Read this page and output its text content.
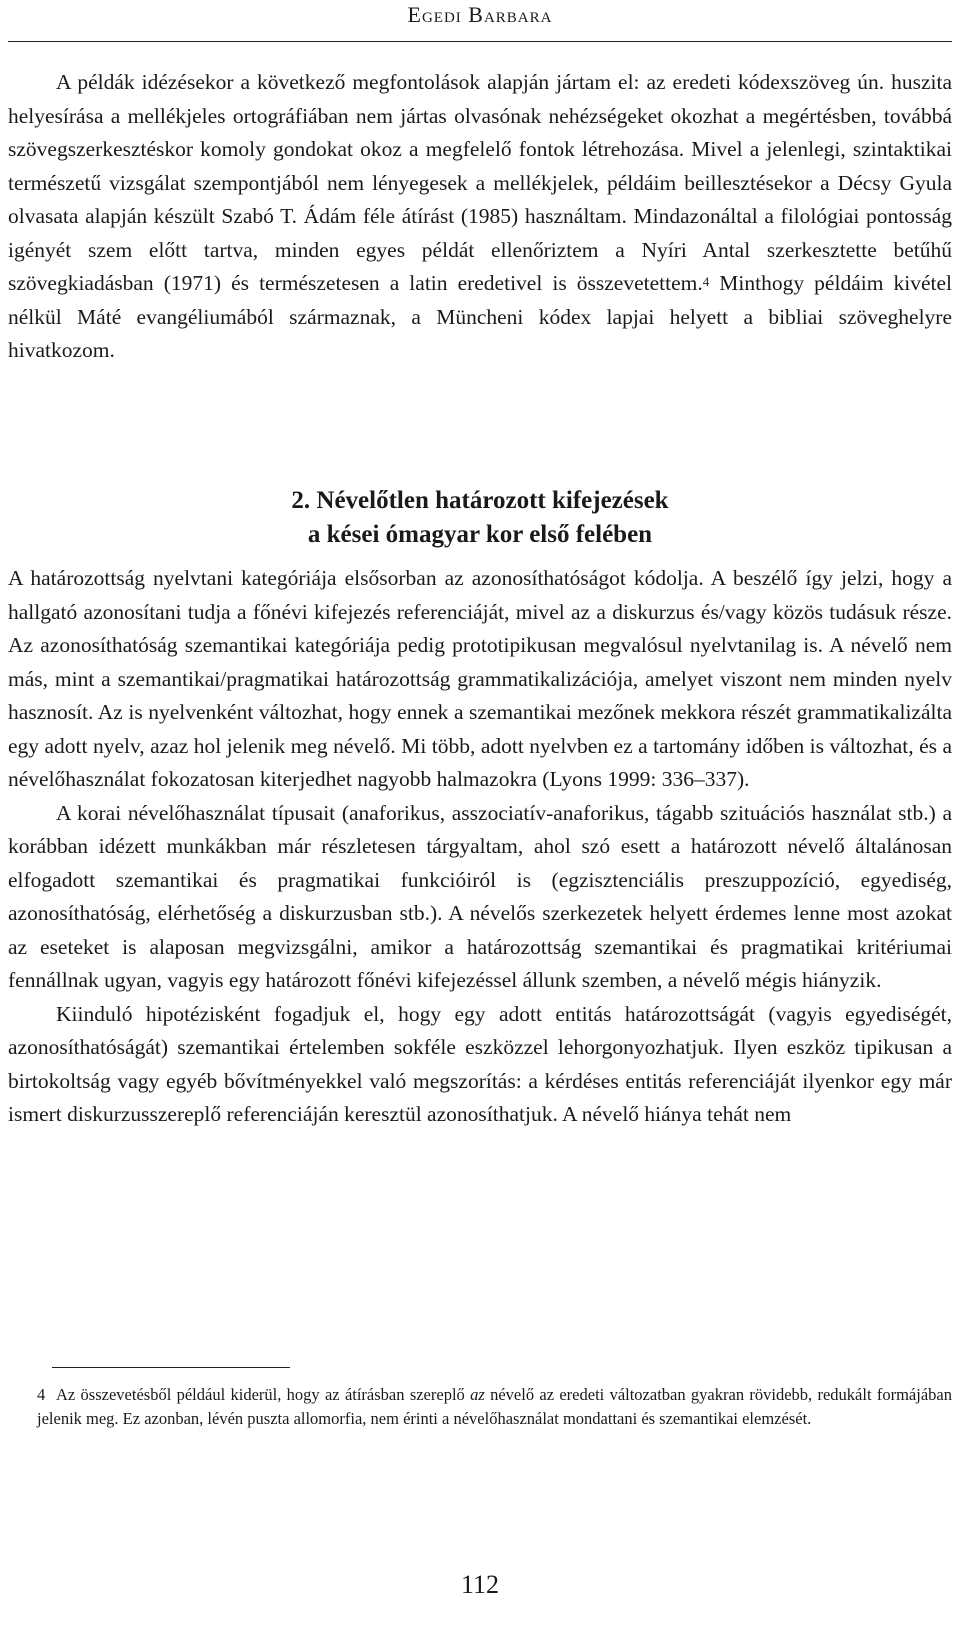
Egedi Barbara

A példák idézésekor a következő megfontolások alapján jártam el: az eredeti kódexszöveg ún. huszita helyesírása a mellékjeles ortográfiában nem jártas olvasónak nehézségeket okozhat a megértésben, továbbá szövegszerkesztéskor komoly gondokat okoz a megfelelő fontok létrehozása. Mivel a jelenlegi, szintaktikai természetű vizsgálat szempontjából nem lényegesek a mellékjelek, példáim beillesztésekor a Décsy Gyula olvasata alapján készült Szabó T. Ádám féle átírást (1985) használtam. Mindazonáltal a filológiai pontosság igényét szem előtt tartva, minden egyes példát ellenőriztem a Nyíri Antal szerkesztette betűhű szövegkiadásban (1971) és természetesen a latin eredetivel is összevetettem.$^4$ Minthogy példáim kivétel nélkül Máté evangéliumából származnak, a Müncheni kódex lapjai helyett a bibliai szöveghelyre hivatkozom.

2. Névelőtlen határozott kifejezések
a kései ómagyar kor első felében

A határozottság nyelvtani kategóriája elsősorban az azonosíthatóságot kódolja. A beszélő így jelzi, hogy a hallgató azonosítani tudja a főnévi kifejezés referenciáját, mivel az a diskurzus és/vagy közös tudásuk része. Az azonosíthatóság szemantikai kategóriája pedig prototipikusan megvalósul nyelvtanilag is. A névelő nem más, mint a szemantikai/pragmatikai határozottság grammatikalizációja, amelyet viszont nem minden nyelv hasznosít. Az is nyelvenként változhat, hogy ennek a szemantikai mezőnek mekkora részét grammatikalizálta egy adott nyelv, azaz hol jelenik meg névelő. Mi több, adott nyelvben ez a tartomány időben is változhat, és a névelőhasználat fokozatosan kiterjedhet nagyobb halmazokra (Lyons 1999: 336–337).

A korai névelőhasználat típusait (anaforikus, asszociatív-anaforikus, tágabb szituációs használat stb.) a korábban idézett munkákban már részletesen tárgyaltam, ahol szó esett a határozott névelő általánosan elfogadott szemantikai és pragmatikai funkcióiról is (egzisztenciális preszuppozíció, egyediség, azonosíthatóság, elérhetőség a diskurzusban stb.). A névelős szerkezetek helyett érdemes lenne most azokat az eseteket is alaposan megvizsgálni, amikor a határozottság szemantikai és pragmatikai kritériumai fennállnak ugyan, vagyis egy határozott főnévi kifejezéssel állunk szemben, a névelő mégis hiányzik.

Kiinduló hipotézisként fogadjuk el, hogy egy adott entitás határozottságát (vagyis egyediségét, azonosíthatóságát) szemantikai értelemben sokféle eszközzel lehorgonyozhatjuk. Ilyen eszköz tipikusan a birtokoltság vagy egyéb bővítményekkel való megszorítás: a kérdéses entitás referenciáját ilyenkor egy már ismert diskurzusszereplő referenciáján keresztül azonosíthatjuk. A névelő hiánya tehát nem

4 Az összevetésből például kiderül, hogy az átírásban szereplő az névelő az eredeti változatban gyakran rövidebb, redukált formájában jelenik meg. Ez azonban, lévén puszta allomorfia, nem érinti a névelőhasználat mondattani és szemantikai elemzését.
112
